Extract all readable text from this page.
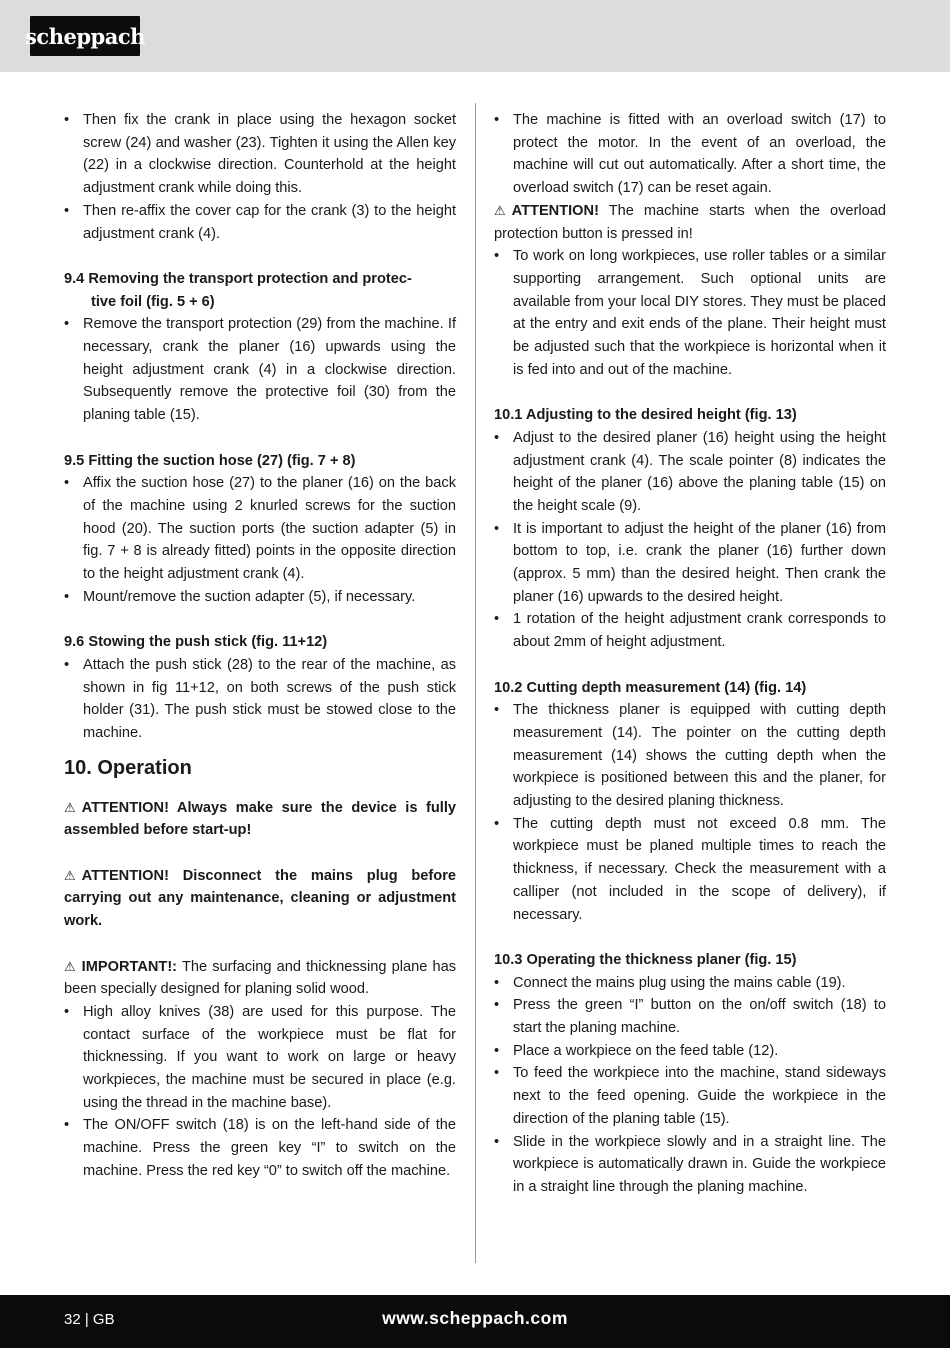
scheppach

• Then fix the crank in place using the hexagon socket screw (24) and washer (23). Tighten it using the Allen key (22) in a clockwise direction. Counterhold at the height adjustment crank while doing this.

• Then re-affix the cover cap for the crank (3) to the height adjustment crank (4).

9.4 Removing the transport protection and protec-
tive foil (fig. 5 + 6)

• Remove the transport protection (29) from the machine. If necessary, crank the planer (16) upwards using the height adjustment crank (4) in a clockwise direction. Subsequently remove the protective foil (30) from the planing table (15).

9.5 Fitting the suction hose (27) (fig. 7 + 8)

• Affix the suction hose (27) to the planer (16) on the back of the machine using 2 knurled screws for the suction hood (20). The suction ports (the suction adapter (5) in fig. 7 + 8 is already fitted) points in the opposite direction to the height adjustment crank (4).

• Mount/remove the suction adapter (5), if necessary.

9.6 Stowing the push stick (fig. 11+12)

• Attach the push stick (28) to the rear of the machine, as shown in fig 11+12, on both screws of the push stick holder (31). The push stick must be stowed close to the machine.

10. Operation

⚠ ATTENTION! Always make sure the device is fully assembled before start-up!

⚠ ATTENTION! Disconnect the mains plug before carrying out any maintenance, cleaning or adjustment work.

⚠ IMPORTANT!: The surfacing and thicknessing plane has been specially designed for planing solid wood.

• High alloy knives (38) are used for this purpose. The contact surface of the workpiece must be flat for thicknessing. If you want to work on large or heavy workpieces, the machine must be secured in place (e.g. using the thread in the machine base).

• The ON/OFF switch (18) is on the left-hand side of the machine. Press the green key “I” to switch on the machine. Press the red key “0” to switch off the machine.

• The machine is fitted with an overload switch (17) to protect the motor. In the event of an overload, the machine will cut out automatically. After a short time, the overload switch (17) can be reset again.

⚠ ATTENTION! The machine starts when the overload protection button is pressed in!

• To work on long workpieces, use roller tables or a similar supporting arrangement. Such optional units are available from your local DIY stores. They must be placed at the entry and exit ends of the plane. Their height must be adjusted such that the workpiece is horizontal when it is fed into and out of the machine.

10.1 Adjusting to the desired height (fig. 13)

• Adjust to the desired planer (16) height using the height adjustment crank (4). The scale pointer (8) indicates the height of the planer (16) above the planing table (15) on the height scale (9).

• It is important to adjust the height of the planer (16) from bottom to top, i.e. crank the planer (16) further down (approx. 5 mm) than the desired height. Then crank the planer (16) upwards to the desired height.

• 1 rotation of the height adjustment crank corresponds to about 2mm of height adjustment.

10.2 Cutting depth measurement (14) (fig. 14)

• The thickness planer is equipped with cutting depth measurement (14). The pointer on the cutting depth measurement (14) shows the cutting depth when the workpiece is positioned between this and the planer, for adjusting to the desired planing thickness.

• The cutting depth must not exceed 0.8 mm. The workpiece must be planed multiple times to reach the thickness, if necessary. Check the measurement with a calliper (not included in the scope of delivery), if necessary.

10.3 Operating the thickness planer (fig. 15)

• Connect the mains plug using the mains cable (19).

• Press the green “I” button on the on/off switch (18) to start the planing machine.

• Place a workpiece on the feed table (12).

• To feed the workpiece into the machine, stand sideways next to the feed opening. Guide the workpiece in the direction of the planing table (15).

• Slide in the workpiece slowly and in a straight line. The workpiece is automatically drawn in. Guide the workpiece in a straight line through the planing machine.

32 | GB	www.scheppach.com
